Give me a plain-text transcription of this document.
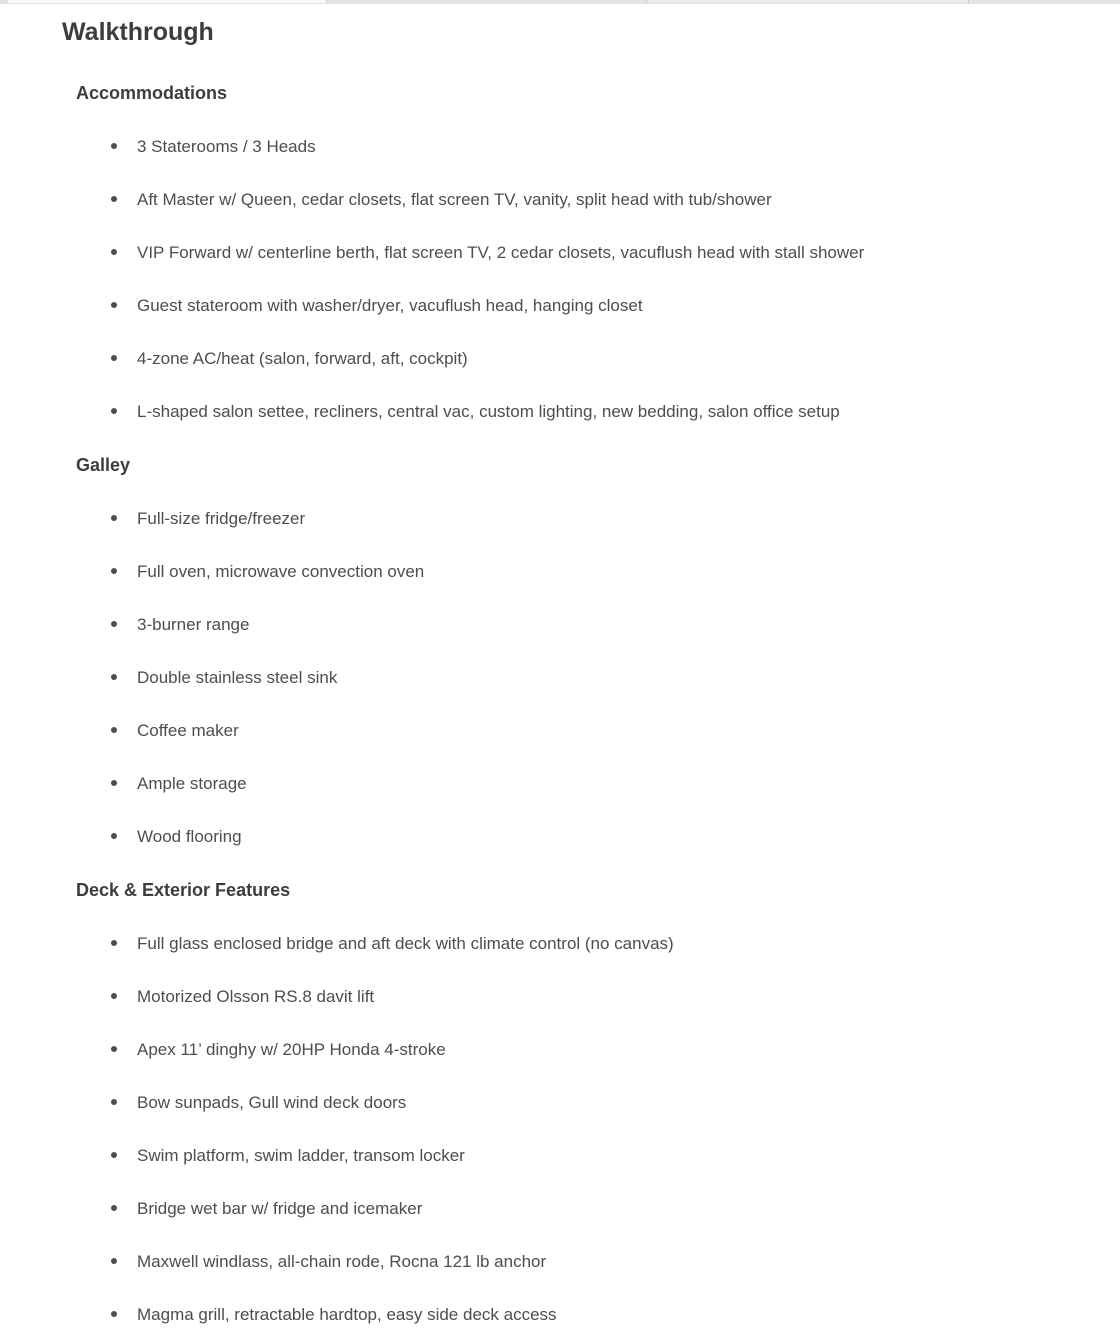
Walkthrough
Accommodations
3 Staterooms / 3 Heads
Aft Master w/ Queen, cedar closets, flat screen TV, vanity, split head with tub/shower
VIP Forward w/ centerline berth, flat screen TV, 2 cedar closets, vacuflush head with stall shower
Guest stateroom with washer/dryer, vacuflush head, hanging closet
4-zone AC/heat (salon, forward, aft, cockpit)
L-shaped salon settee, recliners, central vac, custom lighting, new bedding, salon office setup
Galley
Full-size fridge/freezer
Full oven, microwave convection oven
3-burner range
Double stainless steel sink
Coffee maker
Ample storage
Wood flooring
Deck & Exterior Features
Full glass enclosed bridge and aft deck with climate control (no canvas)
Motorized Olsson RS.8 davit lift
Apex 11’ dinghy w/ 20HP Honda 4-stroke
Bow sunpads, Gull wind deck doors
Swim platform, swim ladder, transom locker
Bridge wet bar w/ fridge and icemaker
Maxwell windlass, all-chain rode, Rocna 121 lb anchor
Magma grill, retractable hardtop, easy side deck access
